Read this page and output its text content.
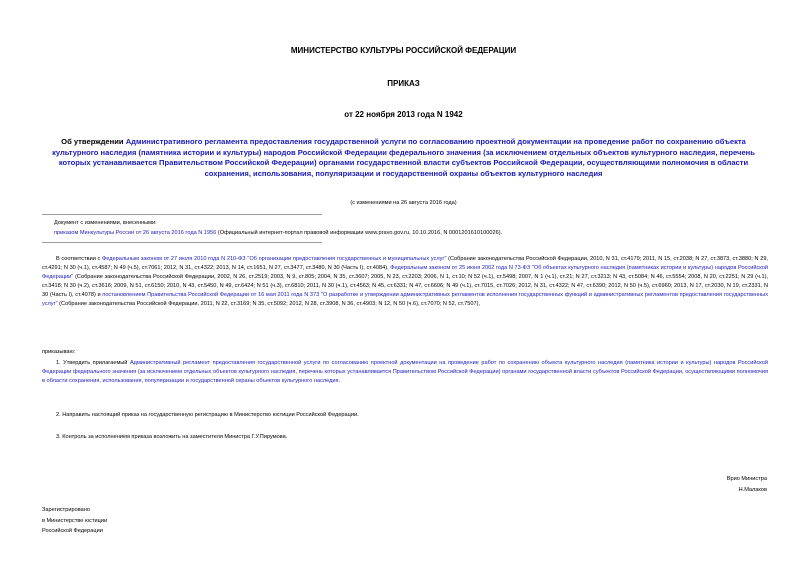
МИНИСТЕРСТВО КУЛЬТУРЫ РОССИЙСКОЙ ФЕДЕРАЦИИ
ПРИКАЗ
от 22 ноября 2013 года N 1942
Об утверждении Административного регламента предоставления государственной услуги по согласованию проектной документации на проведение работ по сохранению объекта культурного наследия (памятника истории и культуры) народов Российской Федерации федерального значения (за исключением отдельных объектов культурного наследия, перечень которых устанавливается Правительством Российской Федерации) органами государственной власти субъектов Российской Федерации, осуществляющими полномочия в области сохранения, использования, популяризации и государственной охраны объектов культурного наследия
(с изменениями на 26 августа 2016 года)
Документ с изменениями, внесенными:
приказом Минкультуры России от 26 августа 2016 года N 1956 (Официальный интернет-портал правовой информации www.pravo.gov.ru, 10.10.2016, N 0001201610100026).
В соответствии с Федеральным законом от 27 июля 2010 года N 210-ФЗ "Об организации предоставления государственных и муниципальных услуг" (Собрание законодательства Российской Федерации, 2010, N 31, ст.4179; 2011, N 15, ст.2038; N 27, ст.3873, ст.3880; N 29, ст.4291; N 30 (ч.1), ст.4587; N 49 (ч.5), ст.7061; 2012, N 31, ст.4322; 2013, N 14, ст.1651, N 27, ст.3477, ст.3480, N 30 (Часть I), ст.4084), Федеральным законом от 25 июня 2002 года N 73-ФЗ "Об объектах культурного наследия (памятниках истории и культуры) народов Российской Федерации" (Собрание законодательства Российской Федерации, 2002, N 26, ст.2519; 2003, N 9, ст.805; 2004, N 35, ст.3607; 2005, N 23, ст.2203; 2006, N 1, ст.10; N 52 (ч.1), ст.5498; 2007, N 1 (ч.1), ст.21; N 27, ст.3213; N 43, ст.5084; N 46, ст.5554; 2008, N 20, ст.2251; N 29 (ч.1), ст.3418; N 30 (ч.2), ст.3616; 2009, N 51, ст.6150; 2010, N 43, ст.5450, N 49, ст.6424; N 51 (ч.3), ст.6810; 2011, N 30 (ч.1), ст.4563; N 45, ст.6331; N 47, ст.6606; N 49 (ч.1), ст.7015, ст.7026; 2012, N 31, ст.4322; N 47, ст.6390; 2012, N 50 (ч.5), ст.6960; 2013, N 17, ст.2030, N 19, ст.2331, N 30 (Часть I), ст.4078) и постановлением Правительства Российской Федерации от 16 мая 2011 года N 373 "О разработке и утверждении административных регламентов исполнения государственных функций и административных регламентов предоставления государственных услуг" (Собрание законодательства Российской Федерации, 2011, N 22, ст.3169; N 35, ст.5092; 2012, N 28, ст.3908, N 36, ст.4903; N 12, N 50 (ч.6), ст.7070; N 52, ст.7507),
приказываю:
1. Утвердить прилагаемый Административный регламент предоставления государственной услуги по согласованию проектной документации на проведение работ по сохранению объекта культурного наследия (памятника истории и культуры) народов Российской Федерации федерального значения (за исключением отдельных объектов культурного наследия, перечень которых устанавливается Правительством Российской Федерации) органами государственной власти субъектов Российской Федерации, осуществляющими полномочия в области сохранения, использования, популяризации и государственной охраны объектов культурного наследия.
2. Направить настоящий приказ на государственную регистрацию в Министерство юстиции Российской Федерации.
3. Контроль за исполнением приказа возложить на заместителя Министра Г.У.Пирумова.
Врио Министра
Н.Малаков
Зарегистрировано
в Министерстве юстиции
Российской Федерации
